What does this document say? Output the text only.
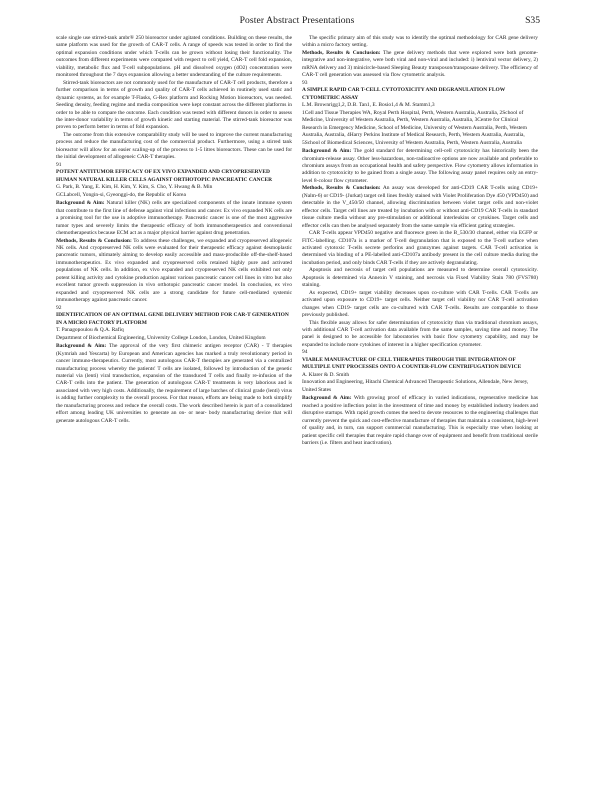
Poster Abstract Presentations	S35

scale single use stirred-tank ambr® 250 bioreactor under agitated conditions. Building on these results, the same platform was used for the growth of CAR-T cells. A range of speeds was tested in order to find the optimal expansion conditions under which T-cells can be grown without losing their functionality. The outcomes from different experiments were compared with respect to cell yield, CAR-T cell fold expansion, viability, metabolic flux and T-cell subpopulations. pH and dissolved oxygen (dO2) concentration were monitored throughout the 7 days expansion allowing a better understanding of the culture requirements.

Stirred-tank bioreactors are not commonly used for the manufacture of CAR-T cell products, therefore a further comparison in terms of growth and quality of CAR-T cells achieved in routinely used static and dynamic systems, as for example T-Flasks, G-Rex platform and Rocking Motion bioreactors, was needed. Seeding density, feeding regime and media composition were kept constant across the different platforms in order to be able to compare the outcome. Each condition was tested with different donors in order to assess the inter-donor variability in terms of growth kinetic and starting material. The stirred-tank bioreactor was proven to perform better in terms of fold expansion.

The outcome from this extensive comparability study will be used to improve the current manufacturing process and reduce the manufacturing cost of the commercial product. Furthermore, using a stirred tank bioreactor will allow for an easier scaling-up of the process to 1-5 litres bioreactors. These can be used for the initial development of allogeneic CAR-T therapies.

91

POTENT ANTITUMOR EFFICACY OF EX VIVO EXPANDED AND CRYOPRESERVED HUMAN NATURAL KILLER CELLS AGAINST ORTHOTOPIC PANCREATIC CANCER

G. Park, B. Yang, E. Kim, H. Kim, Y. Kim, S. Cho, Y. Hwang & B. Min

GCLabcell, Yongin-si, Gyeonggi-do, the Republic of Korea

Background & Aim: Natural killer (NK) cells are specialized components of the innate immune system that contribute to the first line of defense against viral infections and cancer. Ex vivo expanded NK cells are a promising tool for the use in adoptive immunotherapy. Pancreatic cancer is one of the most aggressive tumor types and severely limits the therapeutic efficacy of both immunotherapeutics and conventional chemotherapeutics because ECM act as a major physical barrier against drug penetration.

Methods, Results & Conclusion: To address these challenges, we expanded and cryopreserved allogeneic NK cells. And cryopreserved NK cells were evaluated for their therapeutic efficacy against desmoplastic pancreatic tumors, ultimately aiming to develop easily accessible and mass-producible off-the-shelf-based immunotherapeutics. Ex vivo expanded and cryopreserved cells retained highly pure and activated populations of NK cells. In addition, ex vivo expanded and cryopreserved NK cells exhibited not only potent killing activity and cytokine production against various pancreatic cancer cell lines in vitro but also excellent tumor growth suppression in vivo orthotopic pancreatic cancer model. In conclusion, ex vivo expanded and cryopreserved NK cells are a strong candidate for future cell-mediated systemic immunotherapy against pancreatic cancer.

92

IDENTIFICATION OF AN OPTIMAL GENE DELIVERY METHOD FOR CAR-T GENERATION IN A MICRO FACTORY PLATFORM

T. Panagopoulou & Q.A. Rafiq

Department of Biochemical Engineering, University College London, London, United Kingdom

Background & Aim: The approval of the very first chimeric antigen receptor (CAR) - T therapies (Kymriah and Yescarta) by European and American agencies has marked a truly revolutionary period in cancer immuno-therapeutics. Currently, most autologous CAR-T therapies are generated via a centralized manufacturing process whereby the patients' T cells are isolated, followed by introduction of the genetic material via (lenti) viral transduction, expansion of the transduced T cells and finally re-infusion of the CAR-T cells into the patient. The generation of autologous CAR-T treatments is very laborious and is associated with very high costs. Additionally, the requirement of large batches of clinical grade (lenti) virus is adding further complexity to the overall process. For that reason, efforts are being made to both simplify the manufacturing process and reduce the overall costs. The work described herein is part of a consolidated effort among leading UK universities to generate an on- or near- body manufacturing device that will generate autologous CAR-T cells.

The specific primary aim of this study was to identify the optimal methodology for CAR gene delivery within a micro factory setting.

Methods, Results & Conclusion: The gene delivery methods that were explored were both genome-integrative and non-integrative, were both viral and non-viral and included: i) lentiviral vector delivery, 2) mRNA delivery and 3) minicircle-based Sleeping Beauty transposon/transposase delivery. The efficiency of CAR-T cell generation was assessed via flow cytometric analysis.

93

A SIMPLE RAPID CAR T-CELL CYTOTOXICITY AND DEGRANULATION FLOW CYTOMETRIC ASSAY

L.M. Brownrigg1,2, D.B. Tan1, E. Bosio1,4 & M. Stamm1,3

1Cell and Tissue Therapies WA, Royal Perth Hospital, Perth, Western Australia, Australia, 2School of Medicine, University of Western Australia, Perth, Western Australia, Australia, 3Centre for Clinical Research in Emergency Medicine, School of Medicine, University of Western Australia, Perth, Western Australia, Australia, 4Harry Perkins Institute of Medical Research, Perth, Western Australia, Australia, 5School of Biomedical Sciences, University of Western Australia, Perth, Western Australia, Australia

Background & Aim: The gold standard for determining cell-cell cytotoxicity has historically been the chromium-release assay. Other less-hazardous, non-radioactive options are now available and preferable to chromium assays from an occupational health and safety perspective. Flow cytometry allows information in addition to cytotoxicity to be gained from a single assay. The following assay panel requires only an entry-level 8-colour flow cytometer.

Methods, Results & Conclusion: An assay was developed for anti-CD19 CAR T-cells using CD19+ (Nalm-6) or CD19- (Jurkat) target cell lines freshly stained with Violet Proliferation Dye 450 (VPD450) and detectable in the V_450/50 channel, allowing discrimination between violet target cells and non-violet effector cells. Target cell lines are treated by incubation with or without anti-CD19 CAR T-cells in standard tissue culture media without any pre-stimulation or additional interleukins or cytokines. Target cells and effector cells can then be analysed separately from the same sample via efficient gating strategies.

CAR T-cells appear VPD450 negative and fluoresce green in the B_530/30 channel, either via EGFP or FITC-labelling. CD107a is a marker of T-cell degranulation that is exposed to the T-cell surface when activated cytotoxic T-cells secrete perforins and granzymes against targets. CAR T-cell activation is determined via binding of a PE-labelled anti-CD107a antibody present in the cell culture media during the incubation period, and only binds CAR T-cells if they are actively degranulating.

Apoptosis and necrosis of target cell populations are measured to determine overall cytotoxicity. Apoptosis is determined via Annexin V staining, and necrosis via Fixed Viability Stain 780 (FVS780) staining.

As expected, CD19+ target viability decreases upon co-culture with CAR T-cells. CAR T-cells are activated upon exposure to CD19+ target cells. Neither target cell viability nor CAR T-cell activation changes when CD19- target cells are co-cultured with CAR T-cells. Results are comparable to those previously published.

This flexible assay allows for safer determination of cytotoxicity than via traditional chromium assays, with additional CAR T-cell activation data available from the same samples, saving time and money. The panel is designed to be accessible for laboratories with basic flow cytometry capability, and may be expanded to include more cytokines of interest in a higher specification cytometer.

94

VIABLE MANUFACTURE OF CELL THERAPIES THROUGH THE INTEGRATION OF MULTIPLE UNIT PROCESSES ONTO A COUNTER-FLOW CENTRIFUGATION DEVICE

A. Klarer & D. Smith

Innovation and Engineering, Hitachi Chemical Advanced Therapeutic Solutions, Allendale, New Jersey, United States

Background & Aim: With growing proof of efficacy in varied indications, regenerative medicine has reached a positive inflection point in the investment of time and money by established industry leaders and disruptive startups. With rapid growth comes the need to devote resources to the engineering challenges that currently prevent the quick and cost-effective manufacture of therapies that maintain a consistent, high-level of quality and, in turn, can support commercial manufacturing. This is especially true when looking at patient specific cell therapies that require rapid change over of equipment and benefit from traditional sterile barriers (i.e. filters and heat inactivation).
